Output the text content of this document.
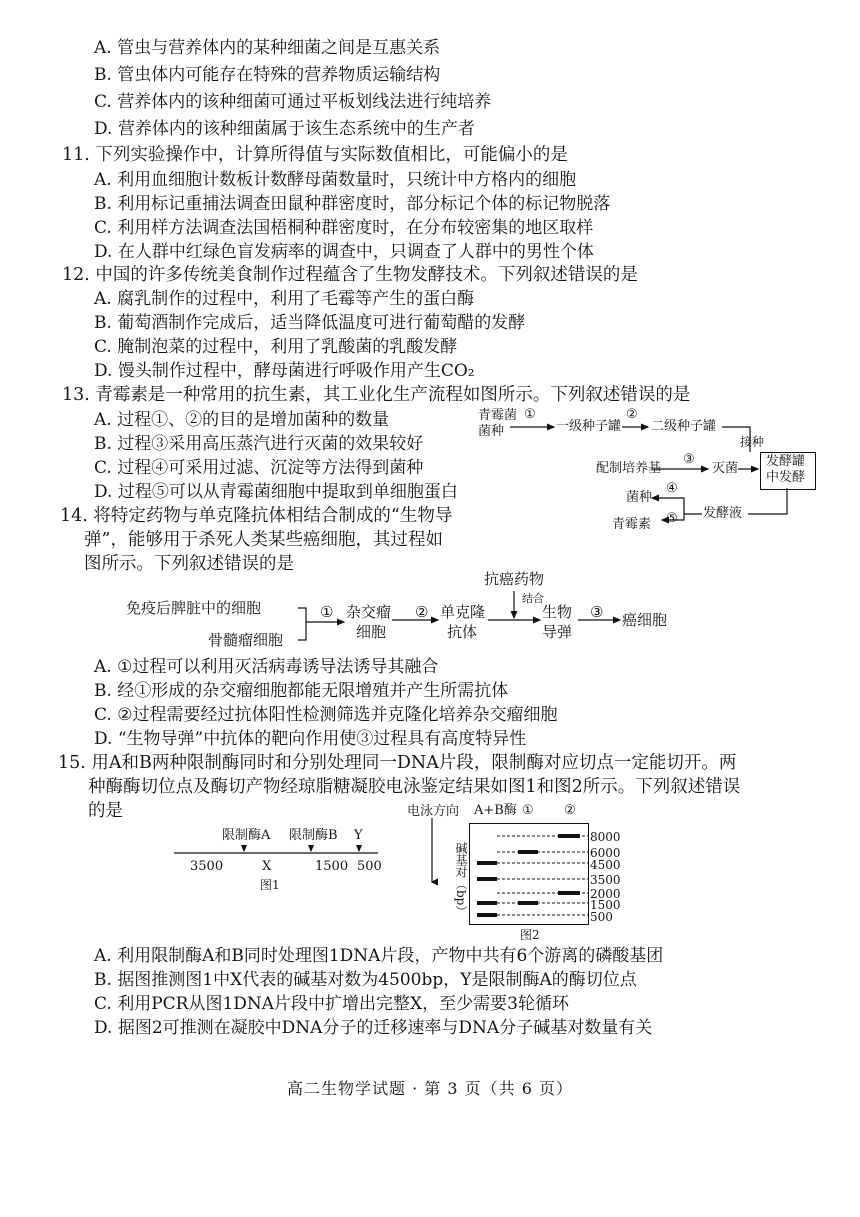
A. 管虫与营养体内的某种细菌之间是互惠关系
B. 管虫体内可能存在特殊的营养物质运输结构
C. 营养体内的该种细菌可通过平板划线法进行纯培养
D. 营养体内的该种细菌属于该生态系统中的生产者
11. 下列实验操作中，计算所得值与实际数值相比，可能偏小的是
A. 利用血细胞计数板计数酵母菌数量时，只统计中方格内的细胞
B. 利用标记重捕法调查田鼠种群密度时，部分标记个体的标记物脱落
C. 利用样方法调查法国梧桐种群密度时，在分布较密集的地区取样
D. 在人群中红绿色盲发病率的调查中，只调查了人群中的男性个体
12. 中国的许多传统美食制作过程蕴含了生物发酵技术。下列叙述错误的是
A. 腐乳制作的过程中，利用了毛霉等产生的蛋白酶
B. 葡萄酒制作完成后，适当降低温度可进行葡萄醋的发酵
C. 腌制泡菜的过程中，利用了乳酸菌的乳酸发酵
D. 馒头制作过程中，酵母菌进行呼吸作用产生CO₂
13. 青霉素是一种常用的抗生素，其工业化生产流程如图所示。下列叙述错误的是
A. 过程①、②的目的是增加菌种的数量
B. 过程③采用高压蒸汽进行灭菌的效果较好
C. 过程④可采用过滤、沉淀等方法得到菌种
D. 过程⑤可以从青霉菌细胞中提取到单细胞蛋白
青霉菌
菌种
①
一级种子罐
②
二级种子罐
接种
配制培养基
③
灭菌 发酵罐
中发酵
菌种
④
青霉素 ⑤ 发酵液
14. 将特定药物与单克隆抗体相结合制成的“生物导
弹”，能够用于杀死人类某些癌细胞，其过程如
图所示。下列叙述错误的是
免疫后脾脏中的细胞
骨髓瘤细胞
① 杂交瘤
细胞
② 单克隆
抗体
抗癌药物
结合
生物
导弹
③ 癌细胞
A. ①过程可以利用灭活病毒诱导法诱导其融合
B. 经①形成的杂交瘤细胞都能无限增殖并产生所需抗体
C. ②过程需要经过抗体阳性检测筛选并克隆化培养杂交瘤细胞
D. “生物导弹”中抗体的靶向作用使③过程具有高度特异性
15. 用A和B两种限制酶同时和分别处理同一DNA片段，限制酶对应切点一定能切开。两
种酶酶切位点及酶切产物经琼脂糖凝胶电泳鉴定结果如图1和图2所示。下列叙述错误
的是
限制酶A 限制酶B Y
X
3500	1500 500
图1
电泳方向 A+B酶 ① ②
碱基对（bp）
8000
6000
4500
3500
2000
1500
500
图2
A. 利用限制酶A和B同时处理图1DNA片段，产物中共有6个游离的磷酸基团
B. 据图推测图1中X代表的碱基对数为4500bp，Y是限制酶A的酶切位点
C. 利用PCR从图1DNA片段中扩增出完整X，至少需要3轮循环
D. 据图2可推测在凝胶中DNA分子的迁移速率与DNA分子碱基对数量有关
高二生物学试题 · 第 3 页（共 6 页）
